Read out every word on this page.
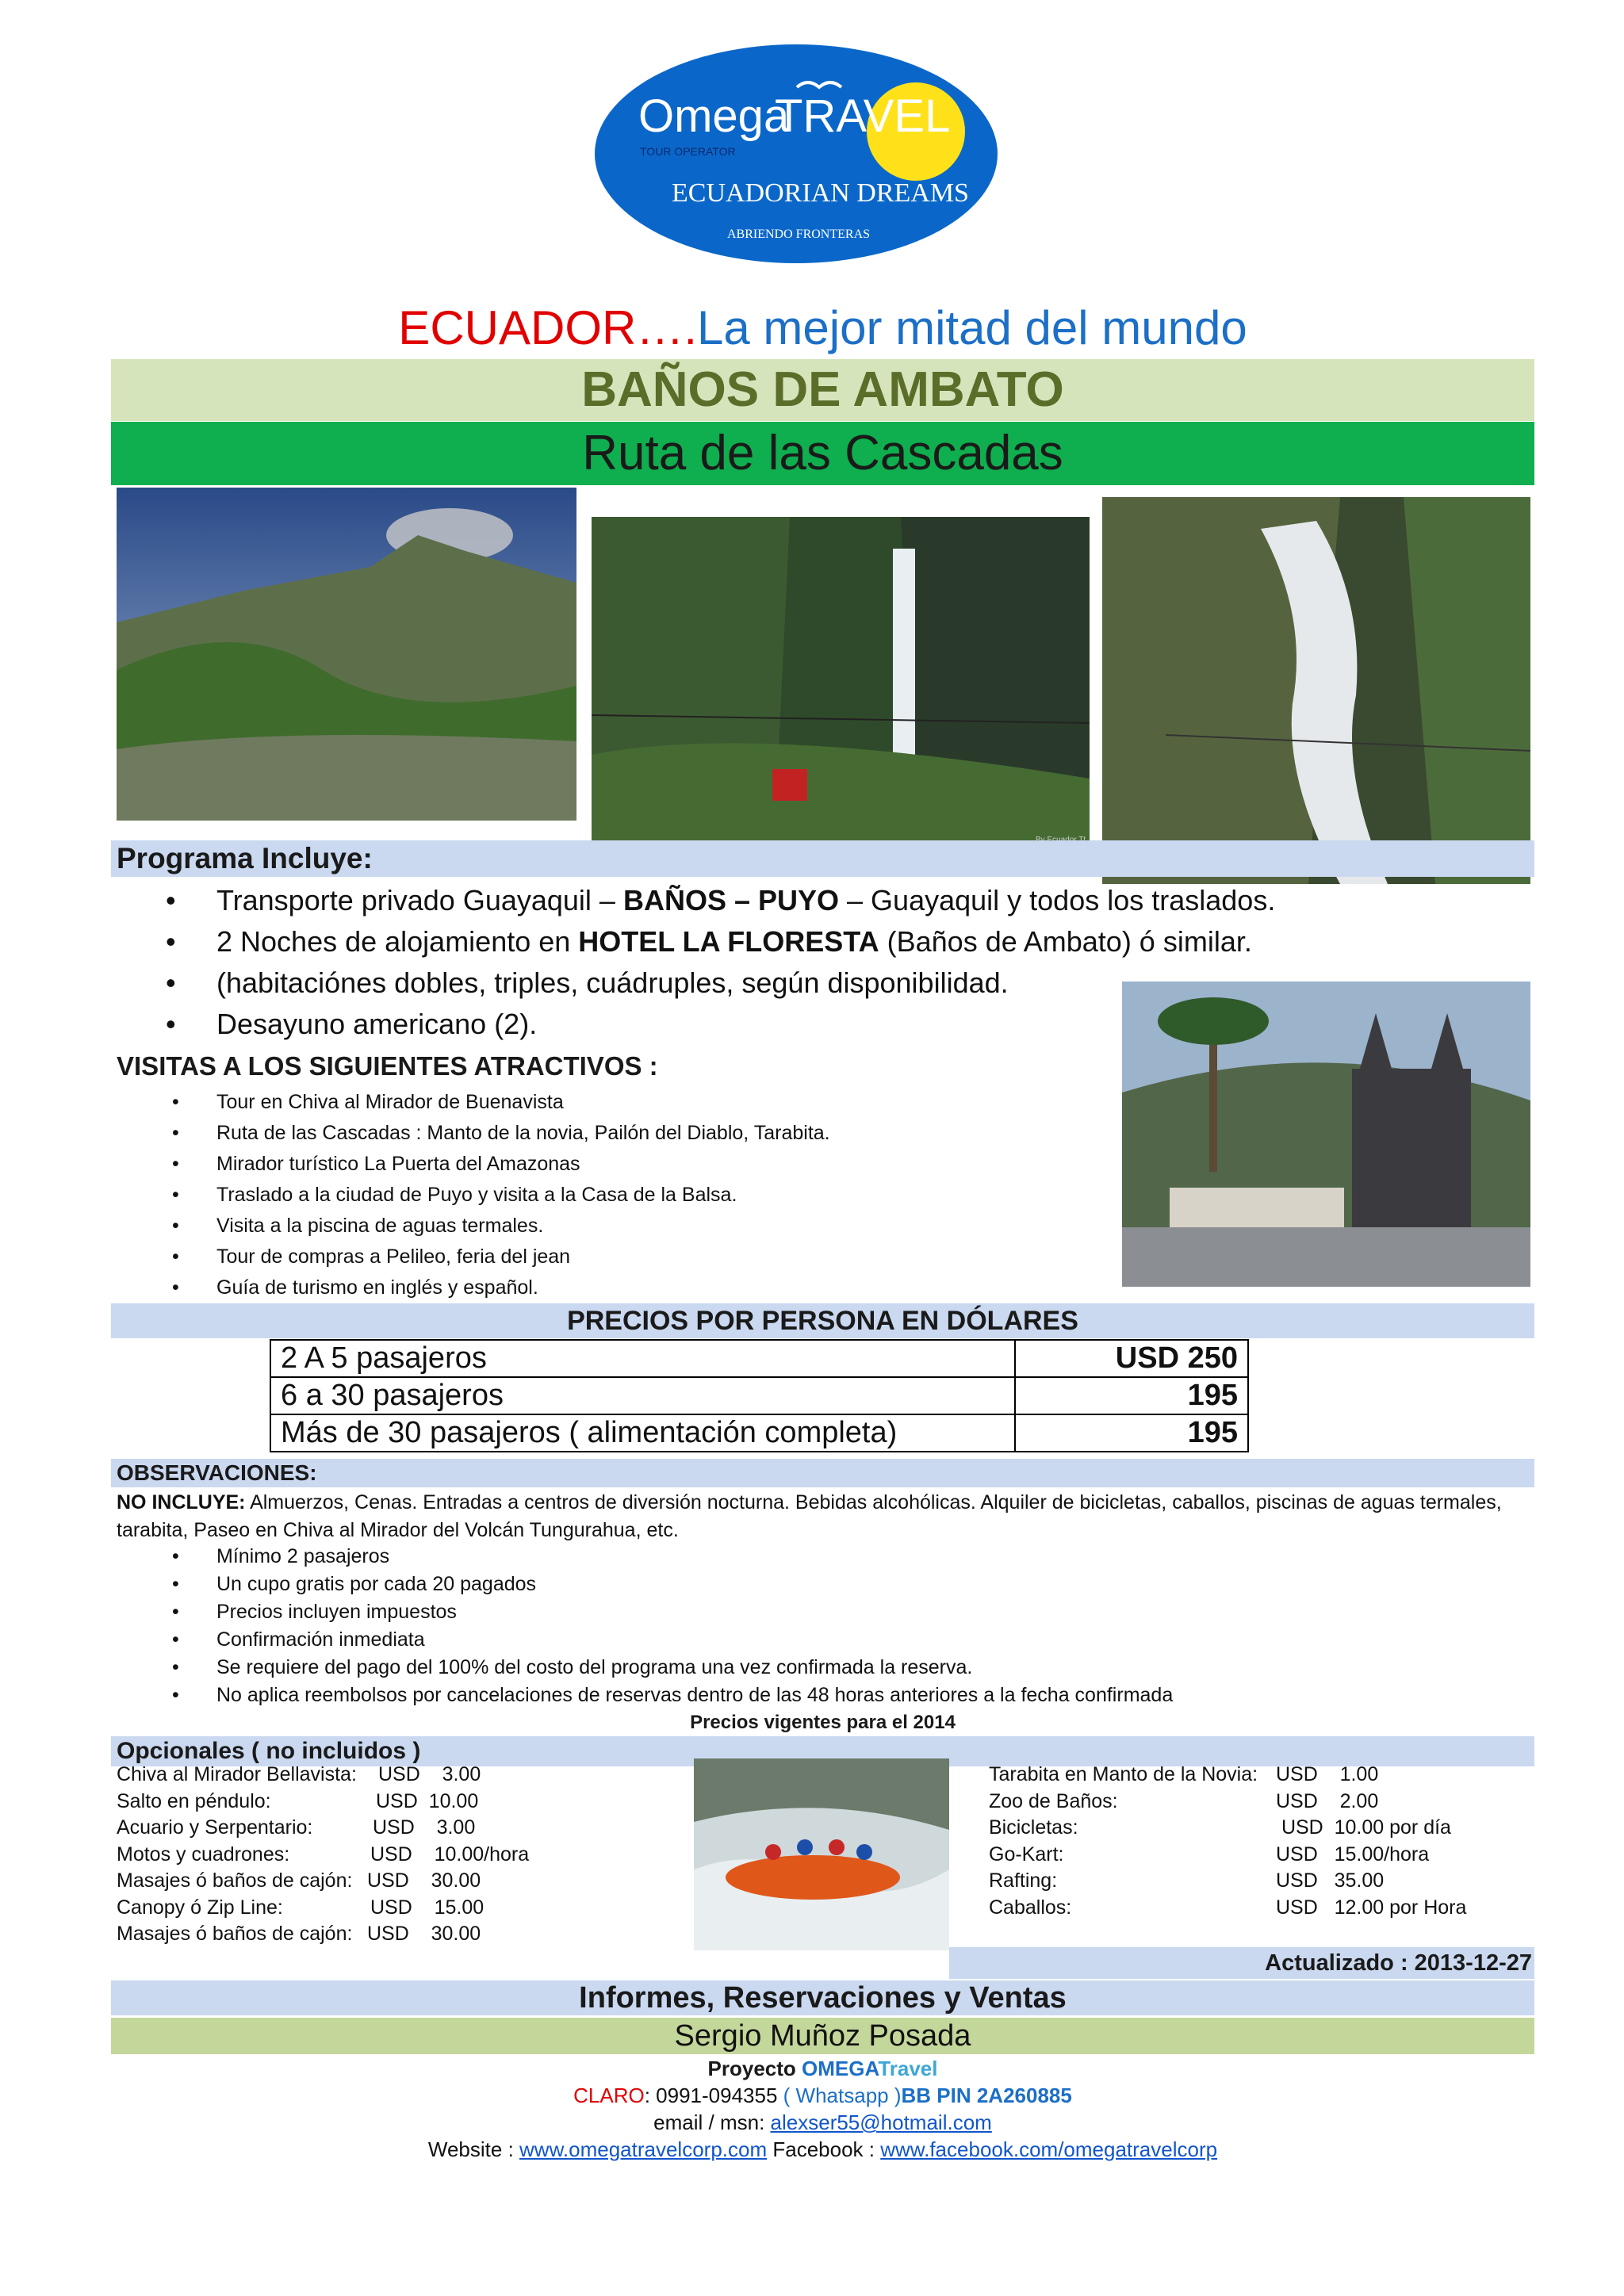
Omega
TRAVEL
TOUR OPERATOR
ECUADORIAN DREAMS
ABRIENDO FRONTERAS
ECUADOR….La mejor mitad del mundo
BAÑOS DE AMBATO
Ruta de las Cascadas
Programa Incluye:
• Transporte privado Guayaquil – BAÑOS – PUYO – Guayaquil y todos los traslados.
• 2 Noches de alojamiento en HOTEL LA FLORESTA (Baños de Ambato) ó similar.
• (habitaciónes dobles, triples, cuádruples, según disponibilidad.
• Desayuno americano (2).
VISITAS A LOS SIGUIENTES ATRACTIVOS :
• Tour en Chiva al Mirador de Buenavista
• Ruta de las Cascadas : Manto de la novia, Pailón del Diablo, Tarabita.
• Mirador turístico La Puerta del Amazonas
• Traslado a la ciudad de Puyo y visita a la Casa de la Balsa.
• Visita a la piscina de aguas termales.
• Tour de compras a Pelileo, feria del jean
• Guía de turismo en inglés y español.
PRECIOS POR PERSONA EN DÓLARES
2 A 5 pasajeros	USD 250
6 a 30 pasajeros	195
Más de 30 pasajeros ( alimentación completa)	195
OBSERVACIONES:
NO INCLUYE: Almuerzos, Cenas. Entradas a centros de diversión nocturna. Bebidas alcohólicas. Alquiler de bicicletas, caballos, piscinas de aguas termales,
tarabita, Paseo en Chiva al Mirador del Volcán Tungurahua, etc.
• Mínimo 2 pasajeros
• Un cupo gratis por cada 20 pagados
• Precios incluyen impuestos
• Confirmación inmediata
• Se requiere del pago del 100% del costo del programa una vez confirmada la reserva.
• No aplica reembolsos por cancelaciones de reservas dentro de las 48 horas anteriores a la fecha confirmada
Precios vigentes para el 2014
Opcionales ( no incluidos )
Chiva al Mirador Bellavista: USD    3.00
Salto en péndulo:	USD  10.00
Acuario y Serpentario:	USD    3.00
Motos y cuadrones:	USD    10.00/hora
Masajes ó baños de cajón: USD    30.00
Canopy ó Zip Line:	USD    15.00
Masajes ó baños de cajón: USD    30.00
Tarabita en Manto de la Novia: USD    1.00
Zoo de Baños:	USD    2.00
Bicicletas:	USD  10.00 por día
Go-Kart:	USD   15.00/hora
Rafting:	USD   35.00
Caballos:	USD   12.00 por Hora
Actualizado : 2013-12-27
Informes, Reservaciones y Ventas
Sergio Muñoz Posada
Proyecto OMEGATravel
CLARO: 0991-094355 ( Whatsapp )BB PIN 2A260885
email / msn: alexser55@hotmail.com
Website : www.omegatravelcorp.com Facebook : www.facebook.com/omegatravelcorp
